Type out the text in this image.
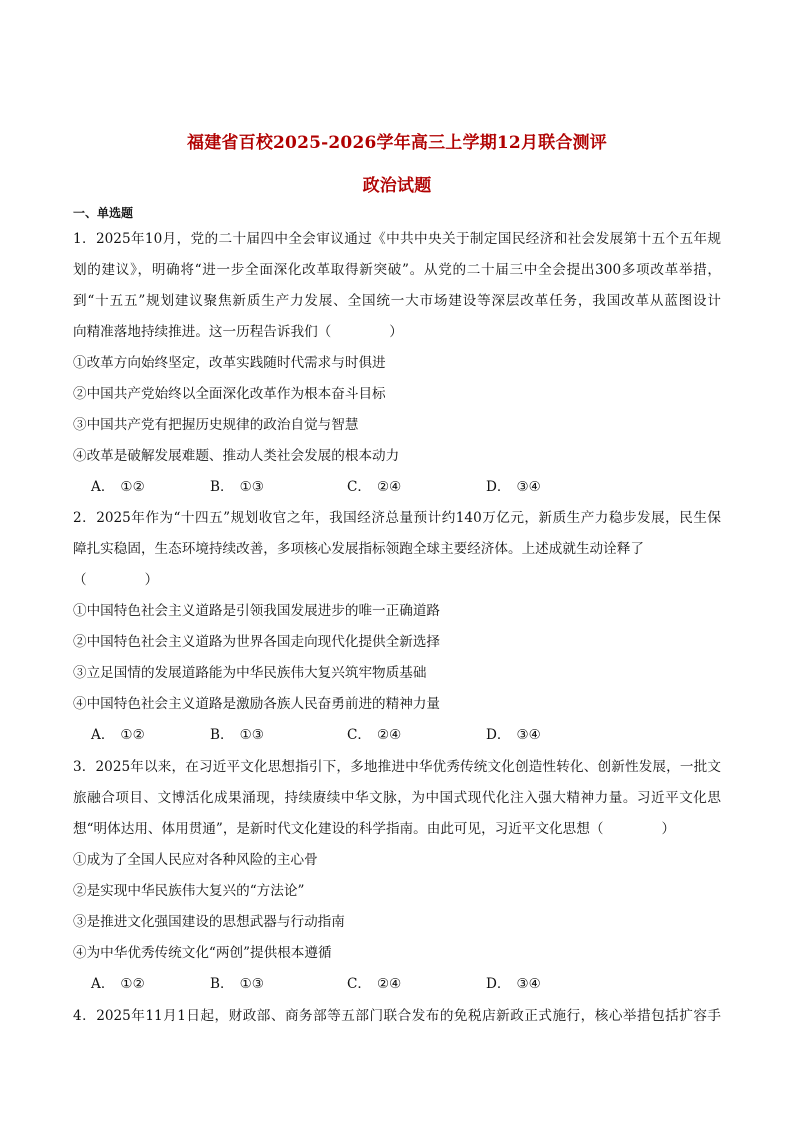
福建省百校2025-2026学年高三上学期12月联合测评
政治试题
一、单选题
1．2025年10月，党的二十届四中全会审议通过《中共中央关于制定国民经济和社会发展第十五个五年规
划的建议》，明确将“进一步全面深化改革取得新突破”。从党的二十届三中全会提出300多项改革举措，
到“十五五”规划建议聚焦新质生产力发展、全国统一大市场建设等深层改革任务，我国改革从蓝图设计
向精准落地持续推进。这一历程告诉我们（	）
①改革方向始终坚定，改革实践随时代需求与时俱进
②中国共产党始终以全面深化改革作为根本奋斗目标
③中国共产党有把握历史规律的政治自觉与智慧
④改革是破解发展难题、推动人类社会发展的根本动力
A． ①②	B． ①③	C． ②④	D． ③④
2．2025年作为“十四五”规划收官之年，我国经济总量预计约140万亿元，新质生产力稳步发展，民生保
障扎实稳固，生态环境持续改善，多项核心发展指标领跑全球主要经济体。上述成就生动诠释了
（	）
①中国特色社会主义道路是引领我国发展进步的唯一正确道路
②中国特色社会主义道路为世界各国走向现代化提供全新选择
③立足国情的发展道路能为中华民族伟大复兴筑牢物质基础
④中国特色社会主义道路是激励各族人民奋勇前进的精神力量
A． ①②	B． ①③	C． ②④	D． ③④
3．2025年以来，在习近平文化思想指引下，多地推进中华优秀传统文化创造性转化、创新性发展，一批文
旅融合项目、文博活化成果涌现，持续赓续中华文脉，为中国式现代化注入强大精神力量。习近平文化思
想“明体达用、体用贯通”，是新时代文化建设的科学指南。由此可见，习近平文化思想（	）
①成为了全国人民应对各种风险的主心骨
②是实现中华民族伟大复兴的“方法论”
③是推进文化强国建设的思想武器与行动指南
④为中华优秀传统文化“两创”提供根本遵循
A． ①②	B． ①③	C． ②④	D． ③④
4．2025年11月1日起，财政部、商务部等五部门联合发布的免税店新政正式施行，核心举措包括扩容手
